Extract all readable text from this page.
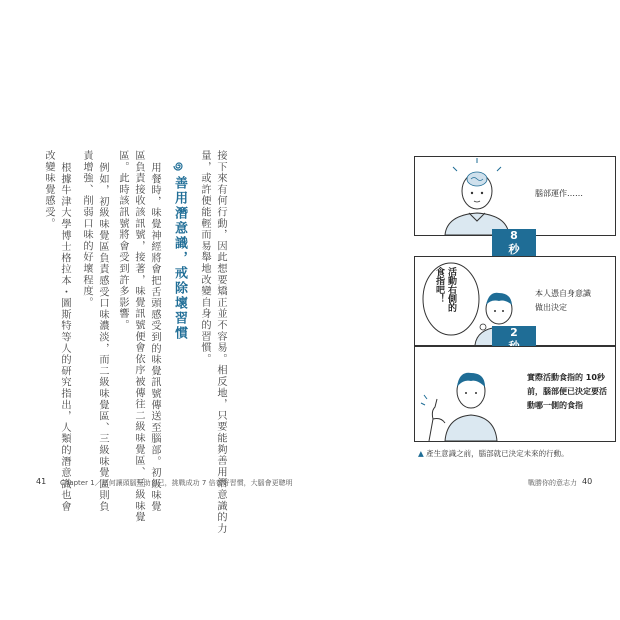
接下來有何行動，因此想要矯正並不容易。相反地，只要能夠善用潛意識的力
量，或許便能輕而易舉地改變自身的習慣。
善用潛意識，戒除壞習慣
用餐時，味覺神經將會把舌頭感受到的味覺訊號傳送至腦部。初級味覺
區負責接收該訊號，接著，味覺訊號便會依序被傳往二級味覺區、三級味覺
區。此時該訊號將會受到許多影響。
例如，初級味覺區負責感受口味濃淡，而二級味覺區、三級味覺區則負
責增強、削弱口味的好壞程度。
根據牛津大學博士格拉本・圖斯特等人的研究指出，人類的潛意識也會
改變味覺感受。
41 Chapter 1／如何讓頭腦幫助自己，挑戰成功 7 倍養好習慣，大腦會更聰明
腦部運作……
8
秒
活動右側的
食指吧！	本人憑自身意識
做出決定
2
實際活動食指的 10秒
前，腦部便已決定要活
動哪一側的食指
▲ 產生意識之前，腦部就已決定未來的行動。
戰勝你的意志力 40
